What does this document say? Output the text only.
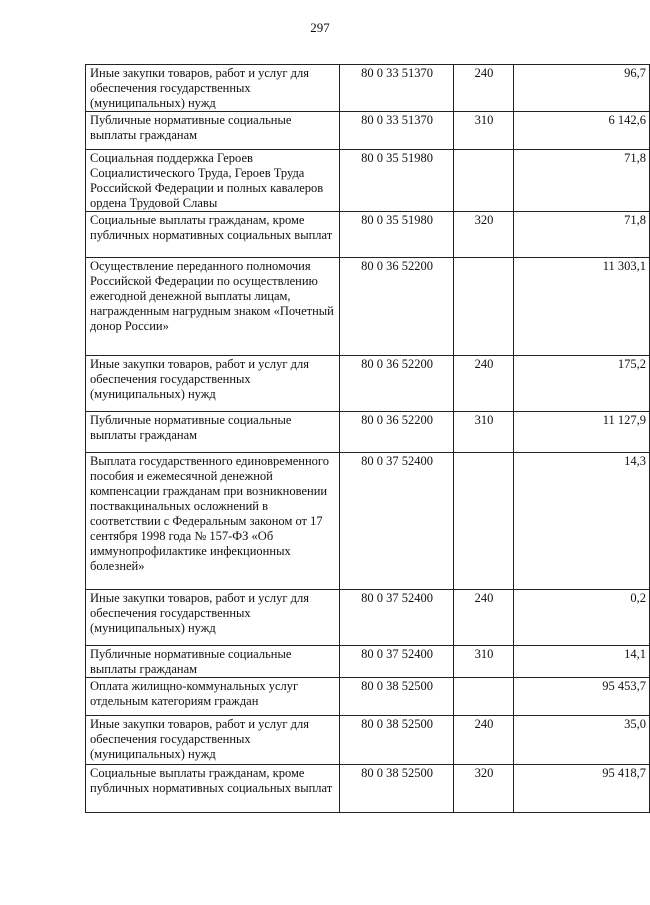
297
Иные закупки товаров, работ и услуг для обеспечения государственных (муниципальных) нужд	80 0 33 51370	240	96,7
Публичные нормативные социальные выплаты гражданам	80 0 33 51370	310	6 142,6
Социальная поддержка Героев Социалистического Труда, Героев Труда Российской Федерации и полных кавалеров ордена Трудовой Славы	80 0 35 51980		71,8
Социальные выплаты гражданам, кроме публичных нормативных социальных выплат	80 0 35 51980	320	71,8
Осуществление переданного полномочия Российской Федерации по осуществлению ежегодной денежной выплаты лицам, награжденным нагрудным знаком «Почетный донор России»	80 0 36 52200		11 303,1
Иные закупки товаров, работ и услуг для обеспечения государственных (муниципальных) нужд	80 0 36 52200	240	175,2
Публичные нормативные социальные выплаты гражданам	80 0 36 52200	310	11 127,9
Выплата государственного единовременного пособия и ежемесячной денежной компенсации гражданам при возникновении поствакцинальных осложнений в соответствии с Федеральным законом от 17 сентября 1998 года № 157-ФЗ «Об иммунопрофилактике инфекционных болезней»	80 0 37 52400		14,3
Иные закупки товаров, работ и услуг для обеспечения государственных (муниципальных) нужд	80 0 37 52400	240	0,2
Публичные нормативные социальные выплаты гражданам	80 0 37 52400	310	14,1
Оплата жилищно-коммунальных услуг отдельным категориям граждан	80 0 38 52500		95 453,7
Иные закупки товаров, работ и услуг для обеспечения государственных (муниципальных) нужд	80 0 38 52500	240	35,0
Социальные выплаты гражданам, кроме публичных нормативных социальных выплат	80 0 38 52500	320	95 418,7
